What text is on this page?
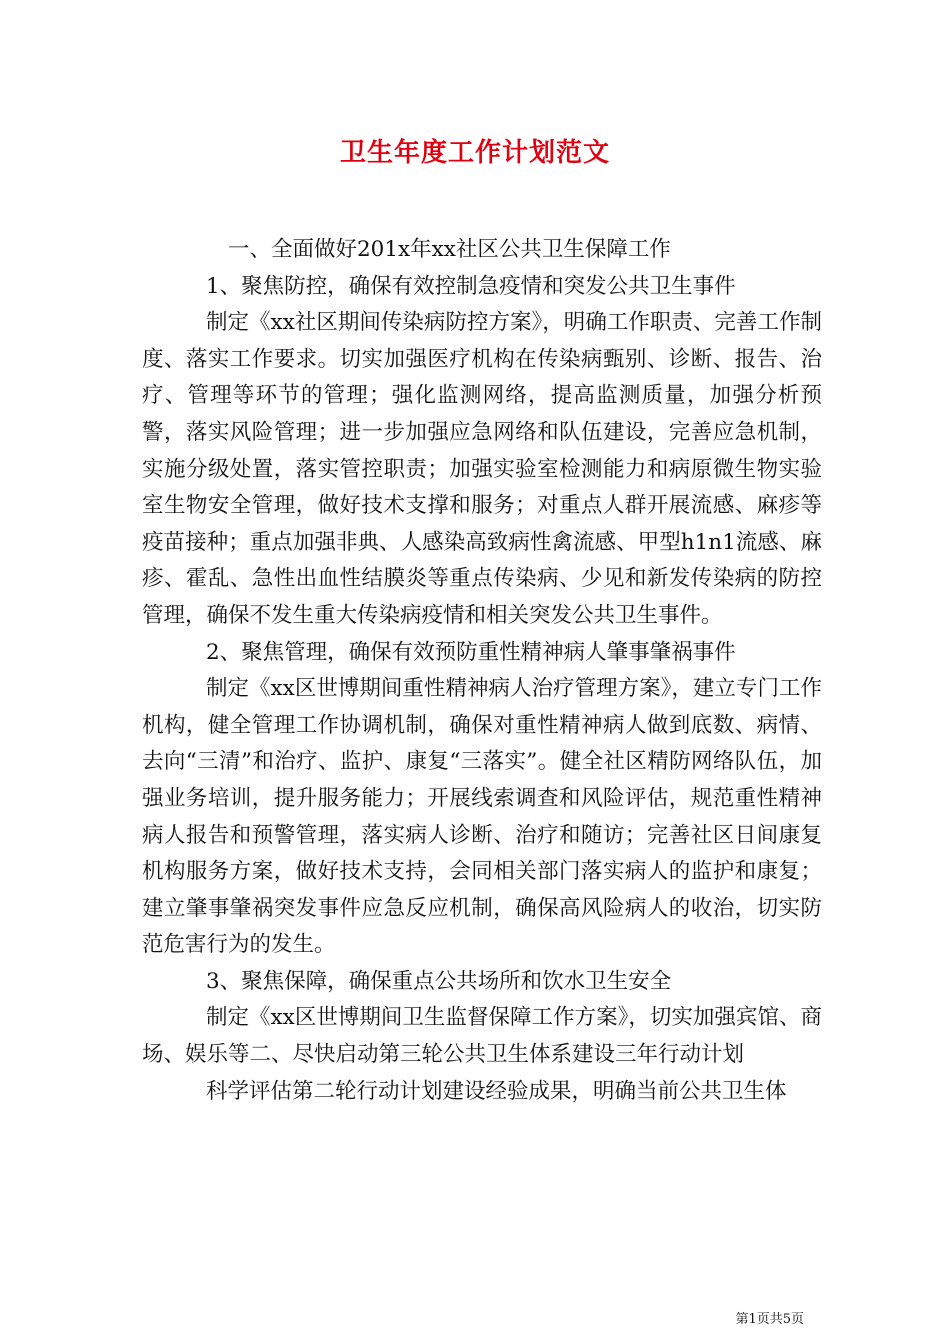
卫生年度工作计划范文

一、全面做好201x年xx社区公共卫生保障工作

1、聚焦防控，确保有效控制急疫情和突发公共卫生事件

制定《xx社区期间传染病防控方案》，明确工作职责、完善工作制度、落实工作要求。切实加强医疗机构在传染病甄别、诊断、报告、治疗、管理等环节的管理；强化监测网络，提高监测质量，加强分析预警，落实风险管理；进一步加强应急网络和队伍建设，完善应急机制，实施分级处置，落实管控职责；加强实验室检测能力和病原微生物实验室生物安全管理，做好技术支撑和服务；对重点人群开展流感、麻疹等疫苗接种；重点加强非典、人感染高致病性禽流感、甲型h1n1流感、麻疹、霍乱、急性出血性结膜炎等重点传染病、少见和新发传染病的防控管理，确保不发生重大传染病疫情和相关突发公共卫生事件。

2、聚焦管理，确保有效预防重性精神病人肇事肇祸事件

制定《xx区世博期间重性精神病人治疗管理方案》，建立专门工作机构，健全管理工作协调机制，确保对重性精神病人做到底数、病情、去向“三清”和治疗、监护、康复“三落实”。健全社区精防网络队伍，加强业务培训，提升服务能力；开展线索调查和风险评估，规范重性精神病人报告和预警管理，落实病人诊断、治疗和随访；完善社区日间康复机构服务方案，做好技术支持，会同相关部门落实病人的监护和康复；建立肇事肇祸突发事件应急反应机制，确保高风险病人的收治，切实防范危害行为的发生。

3、聚焦保障，确保重点公共场所和饮水卫生安全

制定《xx区世博期间卫生监督保障工作方案》，切实加强宾馆、商场、娱乐等二、尽快启动第三轮公共卫生体系建设三年行动计划

科学评估第二轮行动计划建设经验成果，明确当前公共卫生体

第1页共5页
